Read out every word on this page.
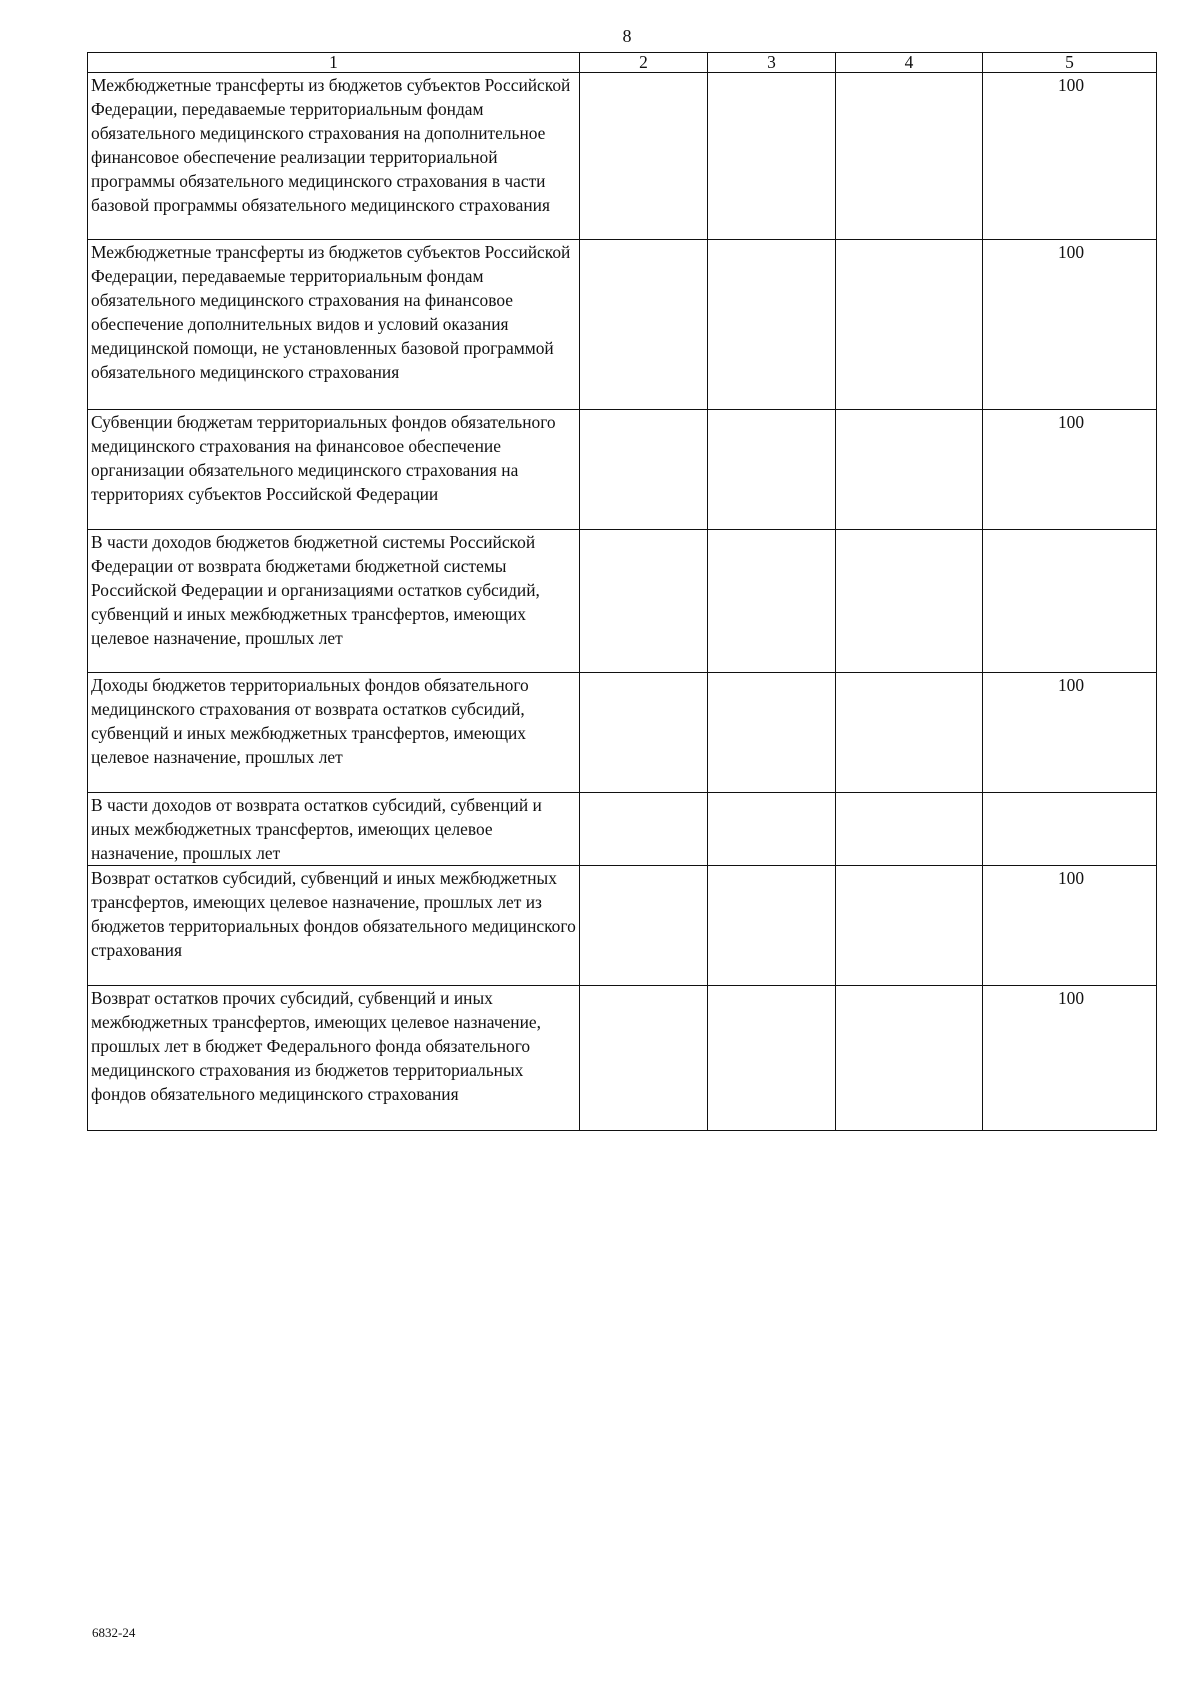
8
1	2	3	4	5
Межбюджетные трансферты из бюджетов субъектов Российской Федерации, передаваемые территориальным фондам обязательного медицинского страхования на дополнительное финансовое обеспечение реализации территориальной программы обязательного медицинского страхования в части базовой программы обязательного медицинского страхования				100
Межбюджетные трансферты из бюджетов субъектов Российской Федерации, передаваемые территориальным фондам обязательного медицинского страхования на финансовое обеспечение дополнительных видов и условий оказания медицинской помощи, не установленных базовой программой обязательного медицинского страхования				100
Субвенции бюджетам территориальных фондов обязательного медицинского страхования на финансовое обеспечение организации обязательного медицинского страхования на территориях субъектов Российской Федерации				100
В части доходов бюджетов бюджетной системы Российской Федерации от возврата бюджетами бюджетной системы Российской Федерации и организациями остатков субсидий, субвенций и иных межбюджетных трансфертов, имеющих целевое назначение, прошлых лет				
Доходы бюджетов территориальных фондов обязательного медицинского страхования от возврата остатков субсидий, субвенций и иных межбюджетных трансфертов, имеющих целевое назначение, прошлых лет				100
В части доходов от возврата остатков субсидий, субвенций и иных межбюджетных трансфертов, имеющих целевое назначение, прошлых лет				
Возврат остатков субсидий, субвенций и иных межбюджетных трансфертов, имеющих целевое назначение, прошлых лет из бюджетов территориальных фондов обязательного медицинского страхования				100
Возврат остатков прочих субсидий, субвенций и иных межбюджетных трансфертов, имеющих целевое назначение, прошлых лет в бюджет Федерального фонда обязательного медицинского страхования из бюджетов территориальных фондов обязательного медицинского страхования				100
6832-24
